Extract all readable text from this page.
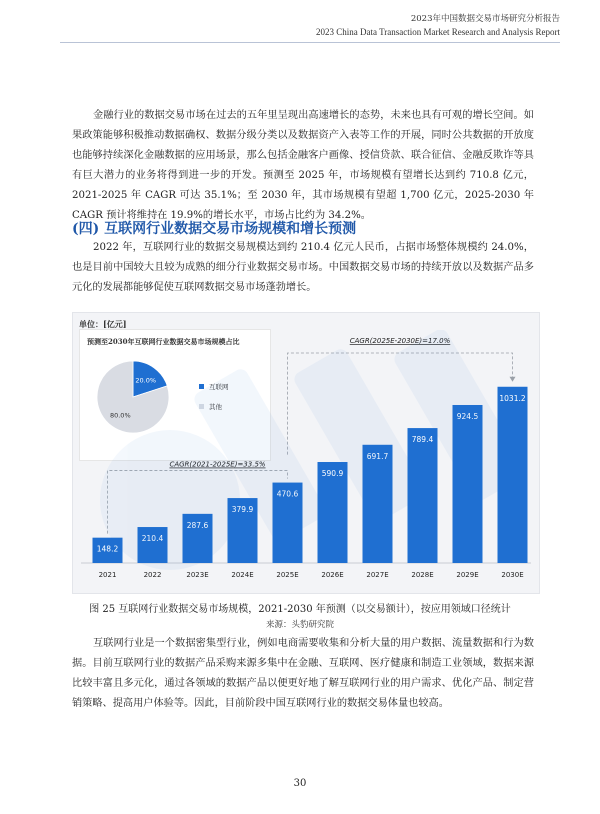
2023年中国数据交易市场研究分析报告
2023 China Data Transaction Market Research and Analysis Report

金融行业的数据交易市场在过去的五年里呈现出高速增长的态势，未来也具有可观的增长空间。如果政策能够积极推动数据确权、数据分级分类以及数据资产入表等工作的开展，同时公共数据的开放度也能够持续深化金融数据的应用场景，那么包括金融客户画像、授信贷款、联合征信、金融反欺诈等具有巨大潜力的业务将得到进一步的开发。预测至 2025 年，市场规模有望增长达到约 710.8 亿元，2021-2025 年 CAGR 可达 35.1%；至 2030 年，其市场规模有望超 1,700 亿元，2025-2030 年 CAGR 预计将维持在 19.9%的增长水平，市场占比约为 34.2%。

(四) 互联网行业数据交易市场规模和增长预测

2022 年，互联网行业的数据交易规模达到约 210.4 亿元人民币，占据市场整体规模约 24.0%，也是目前中国较大且较为成熟的细分行业数据交易市场。中国数据交易市场的持续开放以及数据产品多元化的发展都能够促使互联网数据交易市场蓬勃增长。

单位：[亿元]
预测至2030年互联网行业数据交易市场规模占比
148.2
2021
210.4
2022
287.6
2023E
379.9
2024E
470.6
2025E
590.9
2026E
691.7
2027E
789.4
2028E
924.5
2029E
1031.2
2030E
CAGR(2021-2025E)=33.5%
CAGR(2025E-2030E)=17.0%
20.0%
80.0%
互联网
其他
图 25 互联网行业数据交易市场规模，2021-2030 年预测（以交易额计），按应用领域口径统计
来源：头豹研究院

互联网行业是一个数据密集型行业，例如电商需要收集和分析大量的用户数据、流量数据和行为数据。目前互联网行业的数据产品采购来源多集中在金融、互联网、医疗健康和制造工业领域，数据来源比较丰富且多元化，通过各领域的数据产品以便更好地了解互联网行业的用户需求、优化产品、制定营销策略、提高用户体验等。因此，目前阶段中国互联网行业的数据交易体量也较高。

30
